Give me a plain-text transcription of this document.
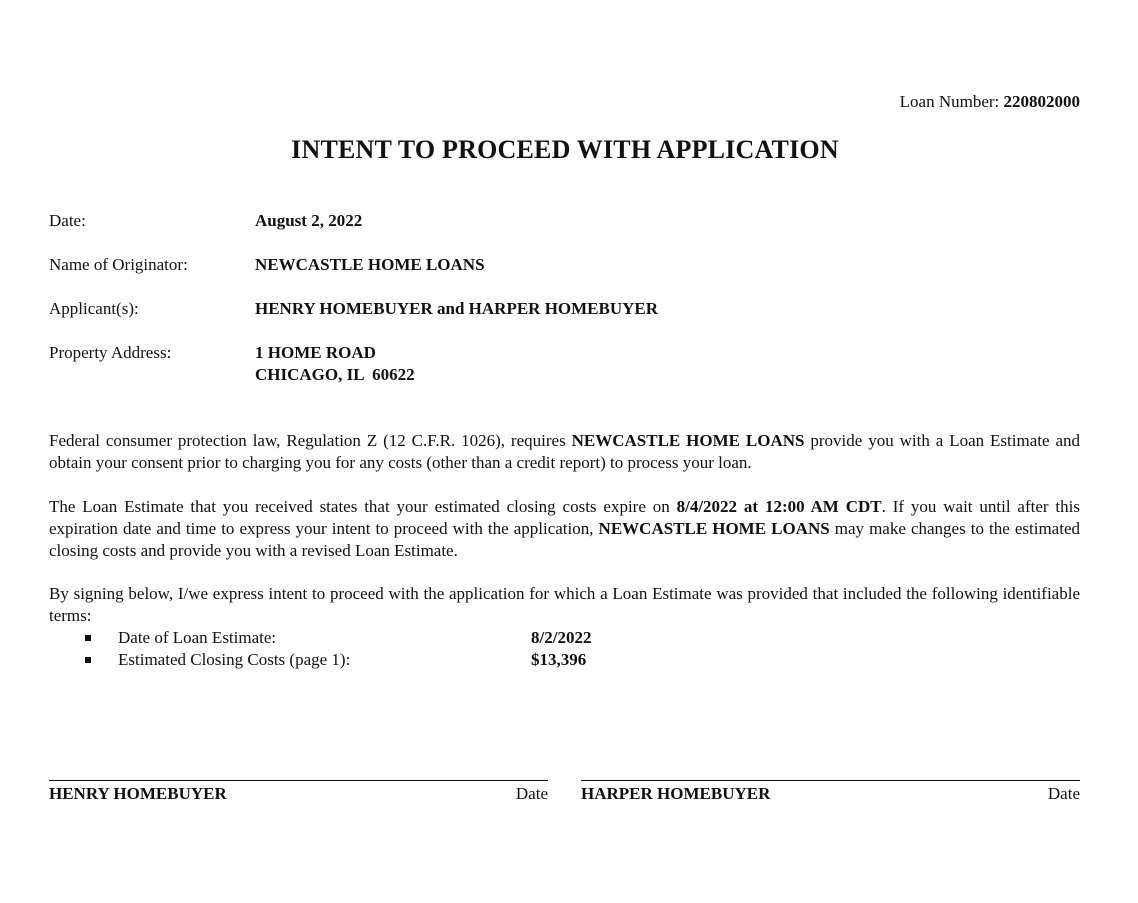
Loan Number: 220802000
INTENT TO PROCEED WITH APPLICATION
Date:	August 2, 2022
Name of Originator:	NEWCASTLE HOME LOANS
Applicant(s):	HENRY HOMEBUYER and HARPER HOMEBUYER
Property Address:	1 HOME ROAD
CHICAGO, IL  60622

Federal consumer protection law, Regulation Z (12 C.F.R. 1026), requires NEWCASTLE HOME LOANS provide you with a Loan Estimate and obtain your consent prior to charging you for any costs (other than a credit report) to process your loan.

The Loan Estimate that you received states that your estimated closing costs expire on 8/4/2022 at 12:00 AM CDT. If you wait until after this expiration date and time to express your intent to proceed with the application, NEWCASTLE HOME LOANS may make changes to the estimated closing costs and provide you with a revised Loan Estimate.

By signing below, I/we express intent to proceed with the application for which a Loan Estimate was provided that included the following identifiable terms:

Date of Loan Estimate:	8/2/2022
Estimated Closing Costs (page 1):	$13,396
HENRY HOMEBUYER	Date HARPER HOMEBUYER	Date
